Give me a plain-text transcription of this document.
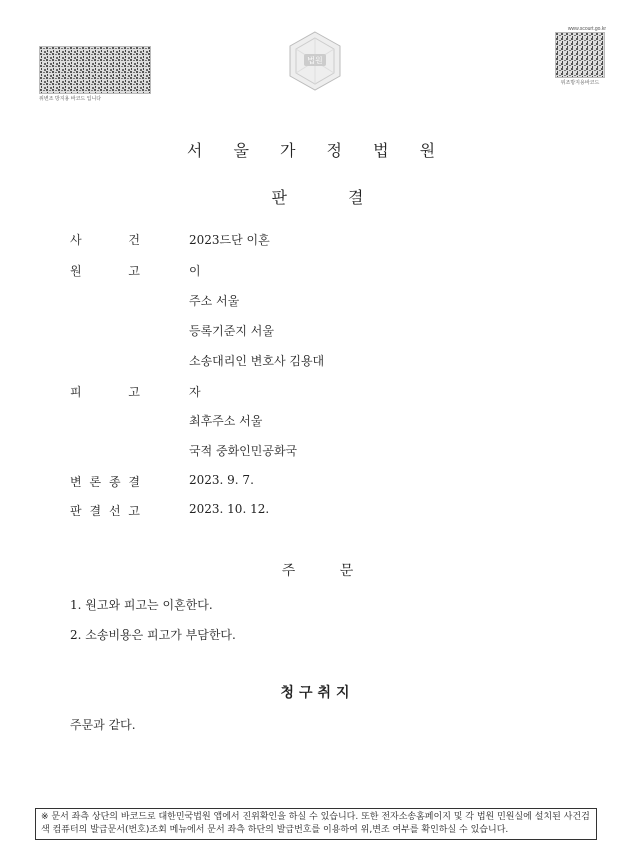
www.scourt.go.kr
위변조 방지용 바코드 입니다
법원
위조방지용바코드
서 울 가 정 법 원
판 결
사	건	2023드단 이혼
원	고	이
주소 서울
등록기준지 서울
소송대리인 변호사 김용대
피	고	자
최후주소 서울
국적 중화인민공화국
변 론 종 결	2023. 9. 7.
판 결 선 고	2023. 10. 12.
주 문
1. 원고와 피고는 이혼한다.
2. 소송비용은 피고가 부담한다.
청구취지
주문과 같다.
※ 문서 좌측 상단의 바코드로 대한민국법원 앱에서 진위확인을 하실 수 있습니다. 또한 전자소송홈페이지 및 각 법원 민원실에 설치된 사건검색 컴퓨터의 발급문서(번호)조회 메뉴에서 문서 좌측 하단의 발급번호를 이용하여 위,변조 여부를 확인하실 수 있습니다.
